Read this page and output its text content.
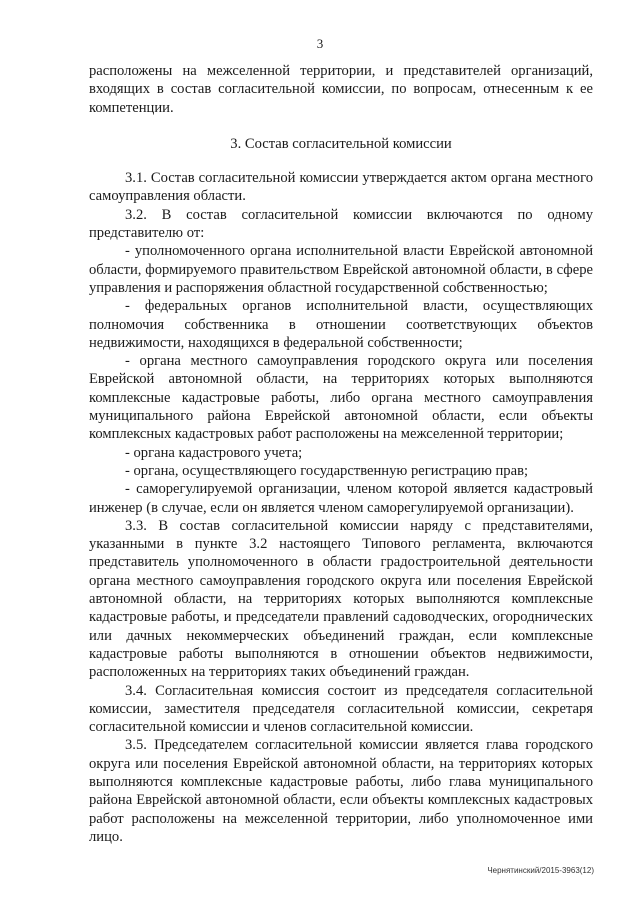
3

расположены на межселенной территории, и представителей организаций, входящих в состав согласительной комиссии, по вопросам, отнесенным к ее компетенции.

3. Состав согласительной комиссии

3.1. Состав согласительной комиссии утверждается актом органа местного самоуправления области.

3.2. В состав согласительной комиссии включаются по одному представителю от:

- уполномоченного органа исполнительной власти Еврейской автономной области, формируемого правительством Еврейской автономной области, в сфере управления и распоряжения областной государственной собственностью;

- федеральных органов исполнительной власти, осуществляющих полномочия собственника в отношении соответствующих объектов недвижимости, находящихся в федеральной собственности;

- органа местного самоуправления городского округа или поселения Еврейской автономной области, на территориях которых выполняются комплексные кадастровые работы, либо органа местного самоуправления муниципального района Еврейской автономной области, если объекты комплексных кадастровых работ расположены на межселенной территории;

- органа кадастрового учета;

- органа, осуществляющего государственную регистрацию прав;

- саморегулируемой организации, членом которой является кадастровый инженер (в случае, если он является членом саморегулируемой организации).

3.3. В состав согласительной комиссии наряду с представителями, указанными в пункте 3.2 настоящего Типового регламента, включаются представитель уполномоченного в области градостроительной деятельности органа местного самоуправления городского округа или поселения Еврейской автономной области, на территориях которых выполняются комплексные кадастровые работы, и председатели правлений садоводческих, огороднических или дачных некоммерческих объединений граждан, если комплексные кадастровые работы выполняются в отношении объектов недвижимости, расположенных на территориях таких объединений граждан.

3.4. Согласительная комиссия состоит из председателя согласительной комиссии, заместителя председателя согласительной комиссии, секретаря согласительной комиссии и членов согласительной комиссии.

3.5. Председателем согласительной комиссии является глава городского округа или поселения Еврейской автономной области, на территориях которых выполняются комплексные кадастровые работы, либо глава муниципального района Еврейской автономной области, если объекты комплексных кадастровых работ расположены на межселенной территории, либо уполномоченное ими лицо.

Чернятинский/2015-3963(12)
